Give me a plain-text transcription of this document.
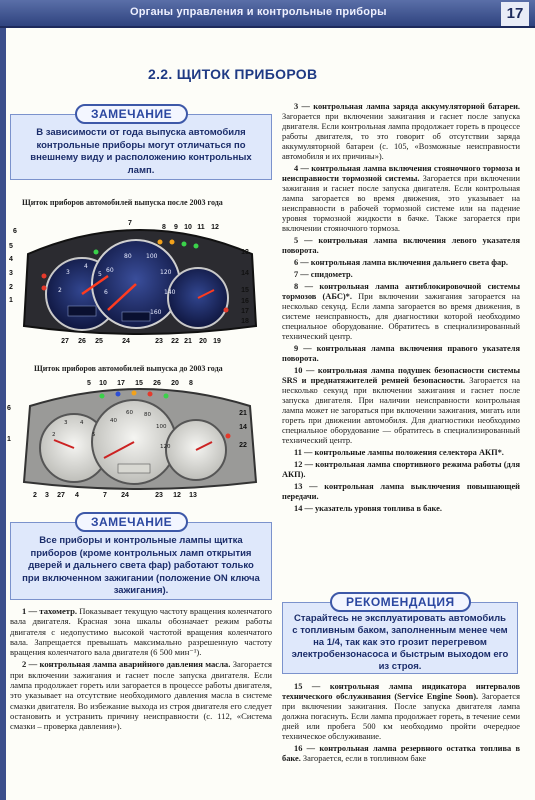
Органы управления и контрольные приборы	17
2.2. ЩИТОК ПРИБОРОВ
В зависимости от года выпуска автомобиля контрольные приборы могут отличаться по внешнему виду и расположению контрольных ламп.
ЗАМЕЧАНИЕ
Щиток приборов автомобилей выпуска после 2003 года
60
80 100
120
140
160
2
3
4
5
6
6
7
8	9 10 11 12
5
4
3
2
1
13
14
15
16
17
18
27	26	25	24	23	22 21	20 19
Щиток приборов автомобилей выпуска до 2003 года
40
60 80
100
120
2
3 4
5
5	10	17	15	26	20	8
6
1
21
14
22
2	3	27	4	7	24	23	12	13
Все приборы и контрольные лампы щитка приборов (кроме контрольных ламп открытия дверей и дальнего света фар) работают только при включенном зажигании (положение ON ключа зажигания).
ЗАМЕЧАНИЕ

1 — тахометр. Показывает текущую частоту вращения коленчатого вала двигателя. Красная зона шкалы обозначает режим работы двигателя с недопустимо высокой частотой вращения коленчатого вала. Запрещается превышать максимально разрешенную частоту вращения коленчатого вала двигателя (6 500 мин⁻¹).

2 — контрольная лампа аварийного давления масла. Загорается при включении зажигания и гаснет после запуска двигателя. Если лампа продолжает гореть или загорается в процессе работы двигателя, это указывает на отсутствие необходимого давления масла в системе смазки двигателя. Во избежание выхода из строя двигателя его следует остановить и устранить причину неисправности (с. 112, «Система смазки – проверка давления»).

3 — контрольная лампа заряда аккумуляторной батареи. Загорается при включении зажигания и гаснет после запуска двигателя. Если контрольная лампа продолжает гореть в процессе работы двигателя, то это говорит об отсутствии заряда аккумуляторной батареи (с. 105, «Возможные неисправности автомобиля и их причины»).

4 — контрольная лампа включения стояночного тормоза и неисправности тормозной системы. Загорается при включении зажигания и гаснет после запуска двигателя. Если контрольная лампа загорается во время движения, это указывает на неисправности в рабочей тормозной системе или на падение уровня тормозной жидкости в бачке. Также загорается при включении стояночного тормоза.

5 — контрольная лампа включения левого указателя поворота.

6 — контрольная лампа включения дальнего света фар.

7 — спидометр.

8 — контрольная лампа антиблокировочной системы тормозов (АБС)*. При включении зажигания загорается на несколько секунд. Если лампа загорается во время движения, в системе неисправность, для диагностики которой необходимо специальное оборудование. Обратитесь в специализированный технический центр.

9 — контрольная лампа включения правого указателя поворота.

10 — контрольная лампа подушек безопасности системы SRS и преднатяжителей ремней безопасности. Загорается на несколько секунд при включении зажигания и гаснет после запуска двигателя. При наличии неисправности контрольная лампа может не загораться при включении зажигания, мигать или гореть при движении автомобиля. Для диагностики необходимо специальное оборудование — обратитесь в специализированный технический центр.

11 — контрольные лампы положения селектора АКП*.

12 — контрольная лампа спортивного режима работы (для АКП).

13 — контрольная лампа выключения повышающей передачи.

14 — указатель уровня топлива в баке.

Старайтесь не эксплуатировать автомобиль с топливным баком, заполненным менее чем на 1/4, так как это грозит перегревом электробензонасоса и быстрым выходом его из строя.
РЕКОМЕНДАЦИЯ

15 — контрольная лампа индикатора интервалов технического обслуживания (Service Engine Soon). Загорается при включении зажигания. После запуска двигателя лампа должна погаснуть. Если лампа продолжает гореть, в течение семи дней или пробега 500 км необходимо пройти очередное техническое обслуживание.

16 — контрольная лампа резервного остатка топлива в баке. Загорается, если в топливном баке
